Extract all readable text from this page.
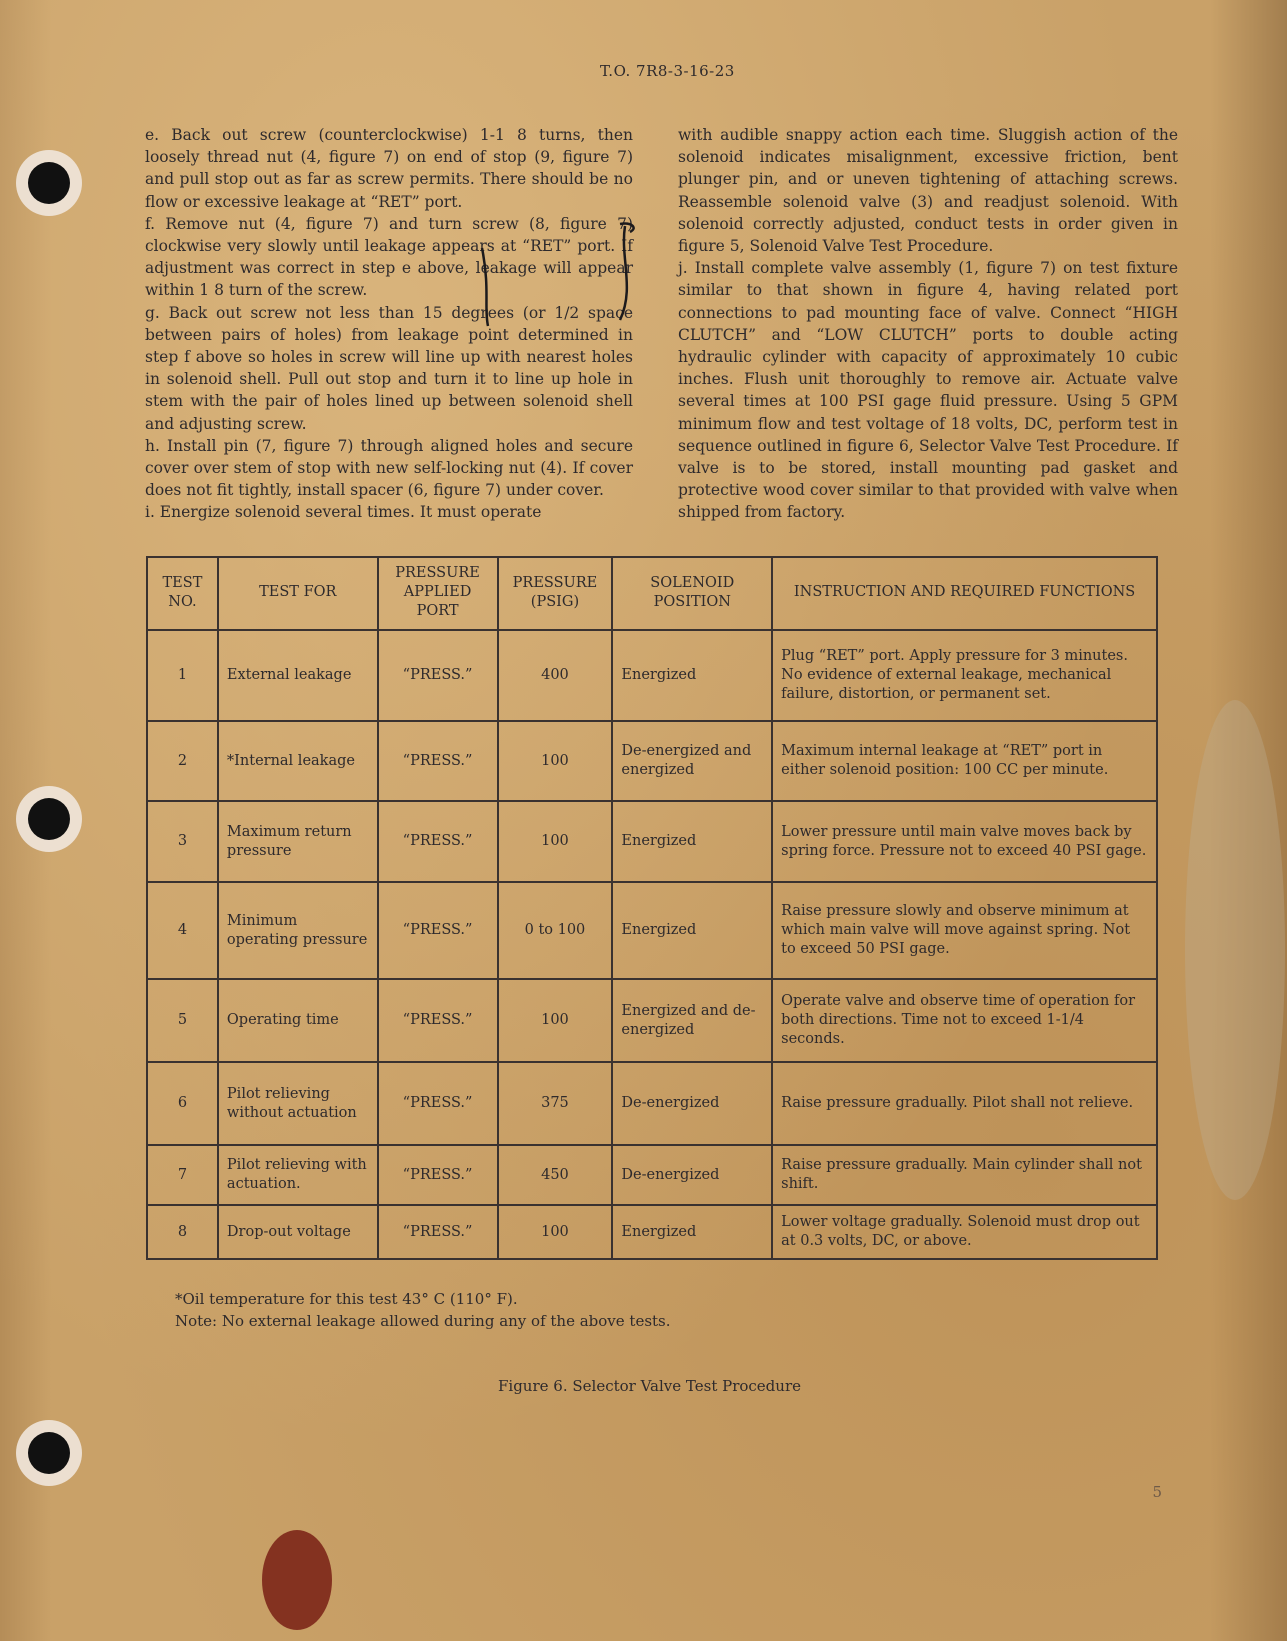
T.O. 7R8-3-16-23

e. Back out screw (counterclockwise) 1-1 8 turns, then loosely thread nut (4, figure 7) on end of stop (9, figure 7) and pull stop out as far as screw permits. There should be no flow or excessive leakage at “RET” port.

f. Remove nut (4, figure 7) and turn screw (8, figure 7) clockwise very slowly until leakage appears at “RET” port. If adjustment was correct in step e above, leakage will appear within 1 8 turn of the screw.

g. Back out screw not less than 15 degrees (or 1/2 space between pairs of holes) from leakage point determined in step f above so holes in screw will line up with nearest holes in solenoid shell. Pull out stop and turn it to line up hole in stem with the pair of holes lined up between solenoid shell and adjusting screw.

h. Install pin (7, figure 7) through aligned holes and secure cover over stem of stop with new self-locking nut (4). If cover does not fit tightly, install spacer (6, figure 7) under cover.

i. Energize solenoid several times. It must operate

with audible snappy action each time. Sluggish action of the solenoid indicates misalignment, excessive friction, bent plunger pin, and or uneven tightening of attaching screws. Reassemble solenoid valve (3) and readjust solenoid. With solenoid correctly adjusted, conduct tests in order given in figure 5, Solenoid Valve Test Procedure.

j. Install complete valve assembly (1, figure 7) on test fixture similar to that shown in figure 4, having related port connections to pad mounting face of valve. Connect “HIGH CLUTCH” and “LOW CLUTCH” ports to double acting hydraulic cylinder with capacity of approximately 10 cubic inches. Flush unit thoroughly to remove air. Actuate valve several times at 100 PSI gage fluid pressure. Using 5 GPM minimum flow and test voltage of 18 volts, DC, perform test in sequence outlined in figure 6, Selector Valve Test Procedure. If valve is to be stored, install mounting pad gasket and protective wood cover similar to that provided with valve when shipped from factory.

TEST NO.	TEST FOR	PRESSURE APPLIED PORT	PRESSURE (PSIG)	SOLENOID POSITION	INSTRUCTION AND REQUIRED FUNCTIONS
1	External leakage	“PRESS.”	400	Energized	Plug “RET” port. Apply pressure for 3 minutes. No evidence of external leakage, mechanical failure, distortion, or permanent set.
2	*Internal leakage	“PRESS.”	100	De-energized and energized	Maximum internal leakage at “RET” port in either solenoid position: 100 CC per minute.
3	Maximum return pressure	“PRESS.”	100	Energized	Lower pressure until main valve moves back by spring force. Pressure not to exceed 40 PSI gage.
4	Minimum operating pressure	“PRESS.”	0 to 100	Energized	Raise pressure slowly and observe minimum at which main valve will move against spring. Not to exceed 50 PSI gage.
5	Operating time	“PRESS.”	100	Energized and de-energized	Operate valve and observe time of operation for both directions. Time not to exceed 1-1/4 seconds.
6	Pilot relieving without actuation	“PRESS.”	375	De-energized	Raise pressure gradually. Pilot shall not relieve.
7	Pilot relieving with actuation.	“PRESS.”	450	De-energized	Raise pressure gradually. Main cylinder shall not shift.
8	Drop-out voltage	“PRESS.”	100	Energized	Lower voltage gradually. Solenoid must drop out at 0.3 volts, DC, or above.
*Oil temperature for this test 43° C (110° F).
Note: No external leakage allowed during any of the above tests.
Figure 6. Selector Valve Test Procedure
5
